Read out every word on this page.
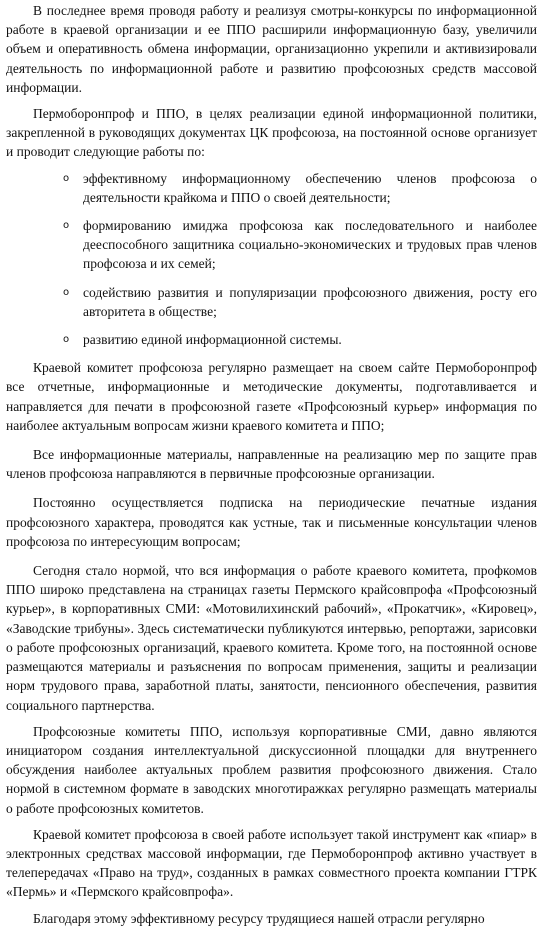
В последнее время проводя работу и реализуя смотры-конкурсы по информационной работе в краевой организации и ее ППО расширили информационную базу, увеличили объем и оперативность обмена информации, организационно укрепили и активизировали деятельность по информационной работе и развитию профсоюзных средств массовой информации.

Пермоборонпроф и ППО, в целях реализации единой информационной политики, закрепленной в руководящих документах ЦК профсоюза, на постоянной основе организует и проводит следующие работы по:

o эффективному информационному обеспечению членов профсоюза о деятельности крайкома и ППО о своей деятельности;
o формированию имиджа профсоюза как последовательного и наиболее дееспособного защитника социально-экономических и трудовых прав членов профсоюза и их семей;
o содействию развития и популяризации профсоюзного движения, росту его авторитета в обществе;
o развитию единой информационной системы.

Краевой комитет профсоюза регулярно размещает на своем сайте Пермоборонпроф все отчетные, информационные и методические документы, подготавливается и направляется для печати в профсоюзной газете «Профсоюзный курьер» информация по наиболее актуальным вопросам жизни краевого комитета и ППО;

Все информационные материалы, направленные на реализацию мер по защите прав членов профсоюза направляются в первичные профсоюзные организации.

Постоянно осуществляется подписка на периодические печатные издания профсоюзного характера, проводятся как устные, так и письменные консультации членов профсоюза по интересующим вопросам;

Сегодня стало нормой, что вся информация о работе краевого комитета, профкомов ППО широко представлена на страницах газеты Пермского крайсовпрофа «Профсоюзный курьер», в корпоративных СМИ: «Мотовилихинский рабочий», «Прокатчик», «Кировец», «Заводские трибуны». Здесь систематически публикуются интервью, репортажи, зарисовки о работе профсоюзных организаций, краевого комитета. Кроме того, на постоянной основе размещаются материалы и разъяснения по вопросам применения, защиты и реализации норм трудового права, заработной платы, занятости, пенсионного обеспечения, развития социального партнерства.

Профсоюзные комитеты ППО, используя корпоративные СМИ, давно являются инициатором создания интеллектуальной дискуссионной площадки для внутреннего обсуждения наиболее актуальных проблем развития профсоюзного движения. Стало нормой в системном формате в заводских многотиражках регулярно размещать материалы о работе профсоюзных комитетов.

Краевой комитет профсоюза в своей работе использует такой инструмент как «пиар» в электронных средствах массовой информации, где Пермоборонпроф активно участвует в телепередачах «Право на труд», созданных в рамках совместного проекта компании ГТРК «Пермь» и «Пермского крайсовпрофа».

Благодаря этому эффективному ресурсу трудящиеся нашей отрасли регулярно
